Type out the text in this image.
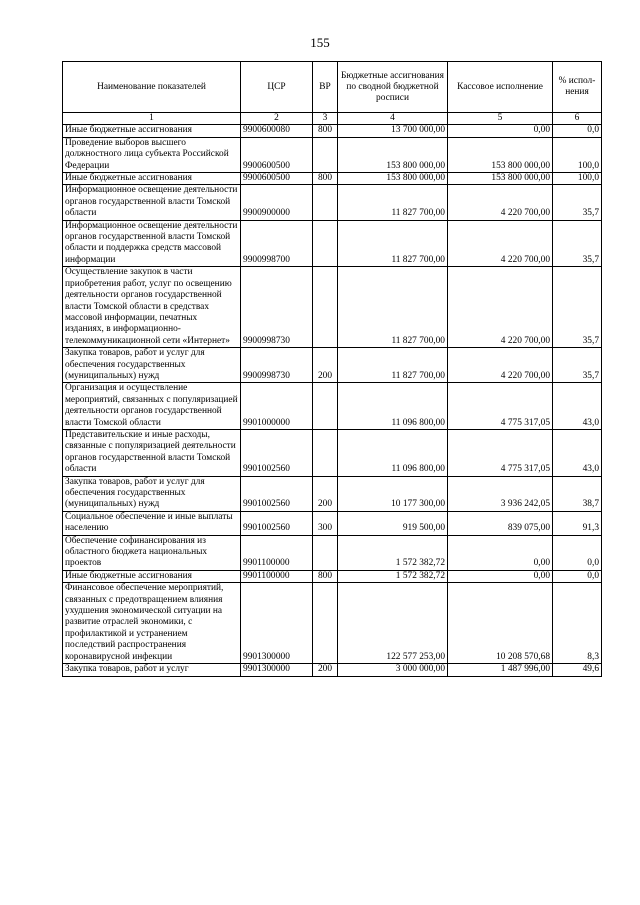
155
Наименование показателей	ЦСР	ВР	Бюджетные ассигнования по сводной бюджетной росписи	Кассовое исполнение	% испол-нения
1	2	3	4	5	6
Иные бюджетные ассигнования	9900600080	800	13 700 000,00	0,00	0,0
Проведение выборов высшего должностного лица субъекта Российской Федерации	9900600500		153 800 000,00	153 800 000,00	100,0
Иные бюджетные ассигнования	9900600500	800	153 800 000,00	153 800 000,00	100,0
Информационное освещение деятельности органов государственной власти Томской области	9900900000		11 827 700,00	4 220 700,00	35,7
Информационное освещение деятельности органов государственной власти Томской области и поддержка средств массовой информации	9900998700		11 827 700,00	4 220 700,00	35,7
Осуществление закупок в части приобретения работ, услуг по освещению деятельности органов государственной власти Томской области в средствах массовой информации, печатных изданиях, в информационно-телекоммуникационной сети «Интернет»	9900998730		11 827 700,00	4 220 700,00	35,7
Закупка товаров, работ и услуг для обеспечения государственных (муниципальных) нужд	9900998730	200	11 827 700,00	4 220 700,00	35,7
Организация и осуществление мероприятий, связанных с популяризацией деятельности органов государственной власти Томской области	9901000000		11 096 800,00	4 775 317,05	43,0
Представительские и иные расходы, связанные с популяризацией деятельности органов государственной власти Томской области	9901002560		11 096 800,00	4 775 317,05	43,0
Закупка товаров, работ и услуг для обеспечения государственных (муниципальных) нужд	9901002560	200	10 177 300,00	3 936 242,05	38,7
Социальное обеспечение и иные выплаты населению	9901002560	300	919 500,00	839 075,00	91,3
Обеспечение софинансирования из областного бюджета национальных проектов	9901100000		1 572 382,72	0,00	0,0
Иные бюджетные ассигнования	9901100000	800	1 572 382,72	0,00	0,0
Финансовое обеспечение мероприятий, связанных с предотвращением влияния ухудшения экономической ситуации на развитие отраслей экономики, с профилактикой и устранением последствий распространения коронавирусной инфекции	9901300000		122 577 253,00	10 208 570,68	8,3
Закупка товаров, работ и услуг	9901300000	200	3 000 000,00	1 487 996,00	49,6
